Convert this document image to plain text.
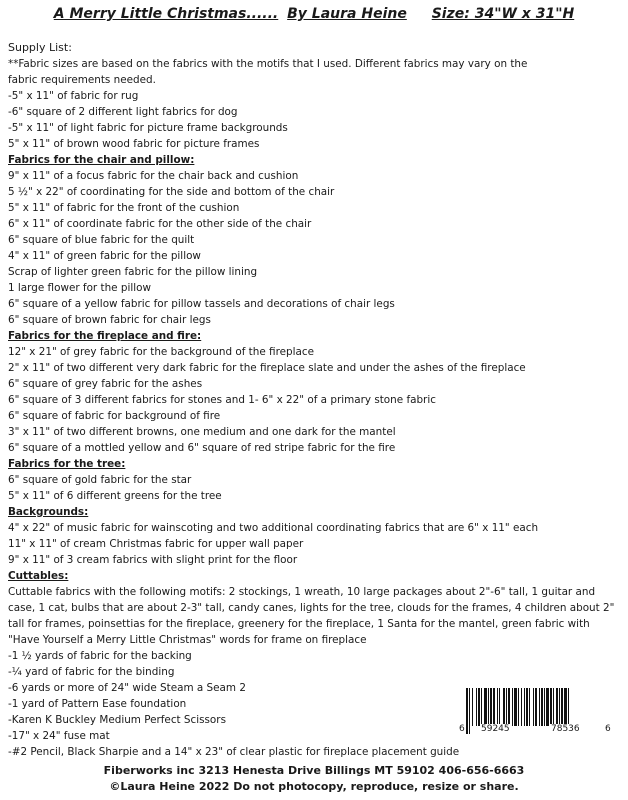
A Merry Little Christmas...... By Laura Heine Size: 34"W x 31"H
Supply List:
**Fabric sizes are based on the fabrics with the motifs that I used. Different fabrics may vary on the
fabric requirements needed.
-5" x 11" of fabric for rug
-6" square of 2 different light fabrics for dog
-5" x 11" of light fabric for picture frame backgrounds
5" x 11" of brown wood fabric for picture frames
Fabrics for the chair and pillow:
9" x 11" of a focus fabric for the chair back and cushion
5 ½" x 22" of coordinating for the side and bottom of the chair
5" x 11" of fabric for the front of the cushion
6" x 11" of coordinate fabric for the other side of the chair
6" square of blue fabric for the quilt
4" x 11" of green fabric for the pillow
Scrap of lighter green fabric for the pillow lining
1 large flower for the pillow
6" square of a yellow fabric for pillow tassels and decorations of chair legs
6" square of brown fabric for chair legs
Fabrics for the fireplace and fire:
12" x 21" of grey fabric for the background of the fireplace
2" x 11" of two different very dark fabric for the fireplace slate and under the ashes of the fireplace
6" square of grey fabric for the ashes
6" square of 3 different fabrics for stones and 1- 6" x 22" of a primary stone fabric
6" square of fabric for background of fire
3" x 11" of two different browns, one medium and one dark for the mantel
6" square of a mottled yellow and 6" square of red stripe fabric for the fire
Fabrics for the tree:
6" square of gold fabric for the star
5" x 11" of 6 different greens for the tree
Backgrounds:
4" x 22" of music fabric for wainscoting and two additional coordinating fabrics that are 6" x 11" each
11" x 11" of cream Christmas fabric for upper wall paper
9" x 11" of 3 cream fabrics with slight print for the floor
Cuttables:
Cuttable fabrics with the following motifs: 2 stockings, 1 wreath, 10 large packages about 2"-6" tall, 1 guitar and case, 1 cat, bulbs that are about 2-3" tall, candy canes, lights for the tree, clouds for the frames, 4 children about 2" tall for frames, poinsettias for the fireplace, greenery for the fireplace, 1 Santa for the mantel, green fabric with "Have Yourself a Merry Little Christmas" words for frame on fireplace
-1 ½ yards of fabric for the backing
-¼ yard of fabric for the binding
-6 yards or more of 24" wide Steam a Seam 2
-1 yard of Pattern Ease foundation
-Karen K Buckley Medium Perfect Scissors
-17" x 24" fuse mat
-#2 Pencil, Black Sharpie and a 14" x 23" of clear plastic for fireplace placement guide
6 59245	78536	6
Fiberworks inc 3213 Henesta Drive Billings MT 59102 406-656-6663
©Laura Heine 2022 Do not photocopy, reproduce, resize or share.
